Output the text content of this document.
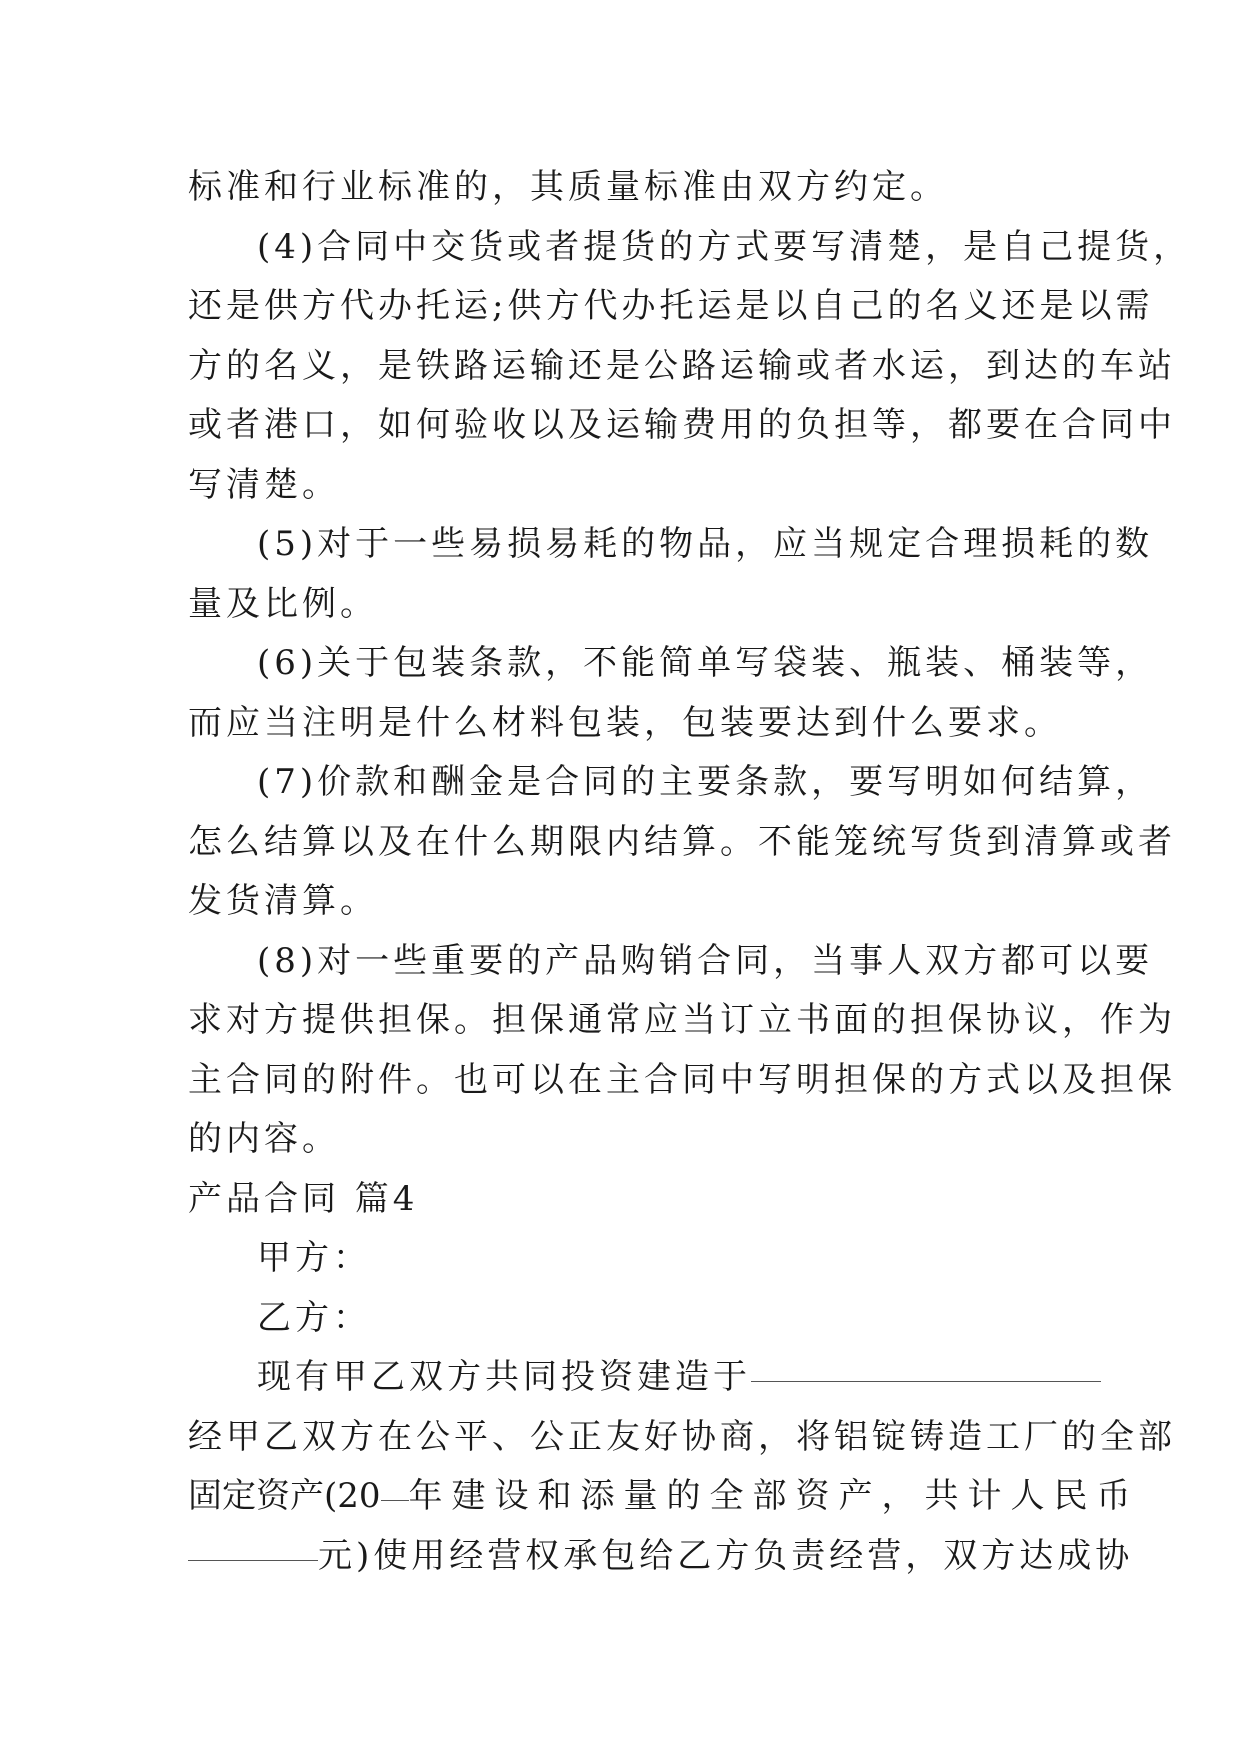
标准和行业标准的，其质量标准由双方约定。
(4)合同中交货或者提货的方式要写清楚，是自己提货，
还是供方代办托运;供方代办托运是以自己的名义还是以需
方的名义，是铁路运输还是公路运输或者水运，到达的车站
或者港口，如何验收以及运输费用的负担等，都要在合同中
写清楚。
(5)对于一些易损易耗的物品，应当规定合理损耗的数
量及比例。
(6)关于包装条款，不能简单写袋装、瓶装、桶装等，
而应当注明是什么材料包装，包装要达到什么要求。
(7)价款和酬金是合同的主要条款，要写明如何结算，
怎么结算以及在什么期限内结算。不能笼统写货到清算或者
发货清算。
(8)对一些重要的产品购销合同，当事人双方都可以要
求对方提供担保。担保通常应当订立书面的担保协议，作为
主合同的附件。也可以在主合同中写明担保的方式以及担保
的内容。
产品合同 篇4
甲方：
乙方：
现有甲乙双方共同投资建造于
经甲乙双方在公平、公正友好协商，将铝锭铸造工厂的全部
固定资产(20 年建设和添量的全部资产，共计人民币
元)使用经营权承包给乙方负责经营，双方达成协
